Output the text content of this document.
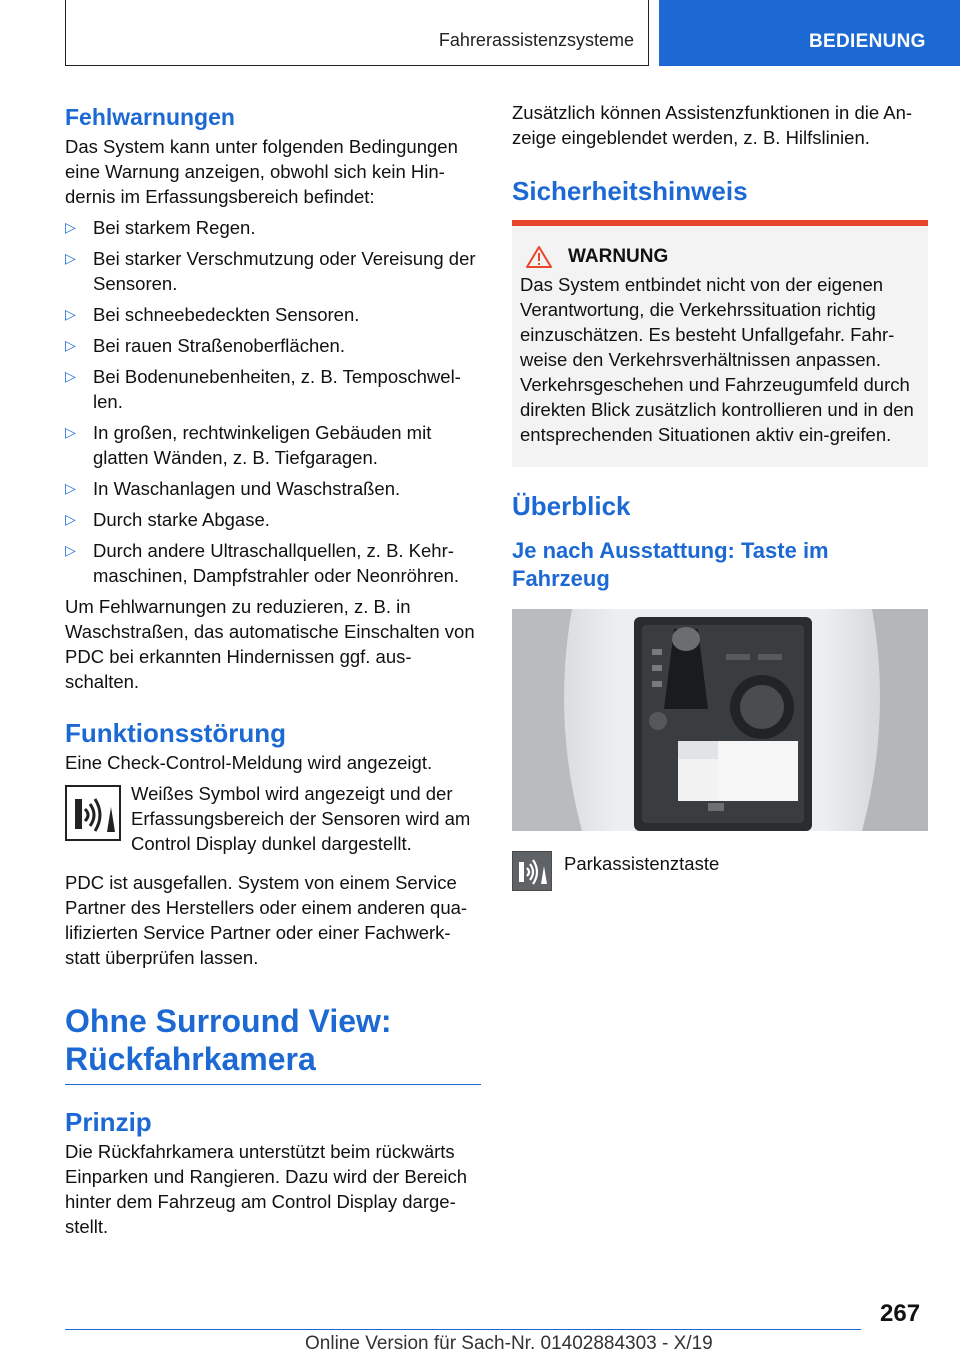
Fahrerassistenzsysteme	BEDIENUNG
Fehlwarnungen

Das System kann unter folgenden Bedingungen eine Warnung anzeigen, obwohl sich kein Hin-dernis im Erfassungsbereich befindet:

▷ Bei starkem Regen.
▷ Bei starker Verschmutzung oder Vereisung der Sensoren.
▷ Bei schneebedeckten Sensoren.
▷ Bei rauen Straßenoberflächen.
▷ Bei Bodenunebenheiten, z. B. Temposchwel-len.
▷ In großen, rechtwinkeligen Gebäuden mit glatten Wänden, z. B. Tiefgaragen.
▷ In Waschanlagen und Waschstraßen.
▷ Durch starke Abgase.
▷ Durch andere Ultraschallquellen, z. B. Kehr-maschinen, Dampfstrahler oder Neonröhren.

Um Fehlwarnungen zu reduzieren, z. B. in Waschstraßen, das automatische Einschalten von PDC bei erkannten Hindernissen ggf. aus-schalten.

Funktionsstörung

Eine Check-Control-Meldung wird angezeigt.

Weißes Symbol wird angezeigt und der Erfassungsbereich der Sensoren wird am Control Display dunkel dargestellt.

PDC ist ausgefallen. System von einem Service Partner des Herstellers oder einem anderen qua-lifizierten Service Partner oder einer Fachwerk-statt überprüfen lassen.

Ohne Surround View:
Rückfahrkamera
Prinzip

Die Rückfahrkamera unterstützt beim rückwärts Einparken und Rangieren. Dazu wird der Bereich hinter dem Fahrzeug am Control Display darge-stellt.

Zusätzlich können Assistenzfunktionen in die An-zeige eingeblendet werden, z. B. Hilfslinien.

Sicherheitshinweis
WARNUNG

Das System entbindet nicht von der eigenen Verantwortung, die Verkehrssituation richtig einzuschätzen. Es besteht Unfallgefahr. Fahr-weise den Verkehrsverhältnissen anpassen. Verkehrsgeschehen und Fahrzeugumfeld durch direkten Blick zusätzlich kontrollieren und in den entsprechenden Situationen aktiv ein-greifen.

Überblick
Je nach Ausstattung: Taste im Fahrzeug

Parkassistenztaste

267
Online Version für Sach-Nr. 01402884303 - X/19
